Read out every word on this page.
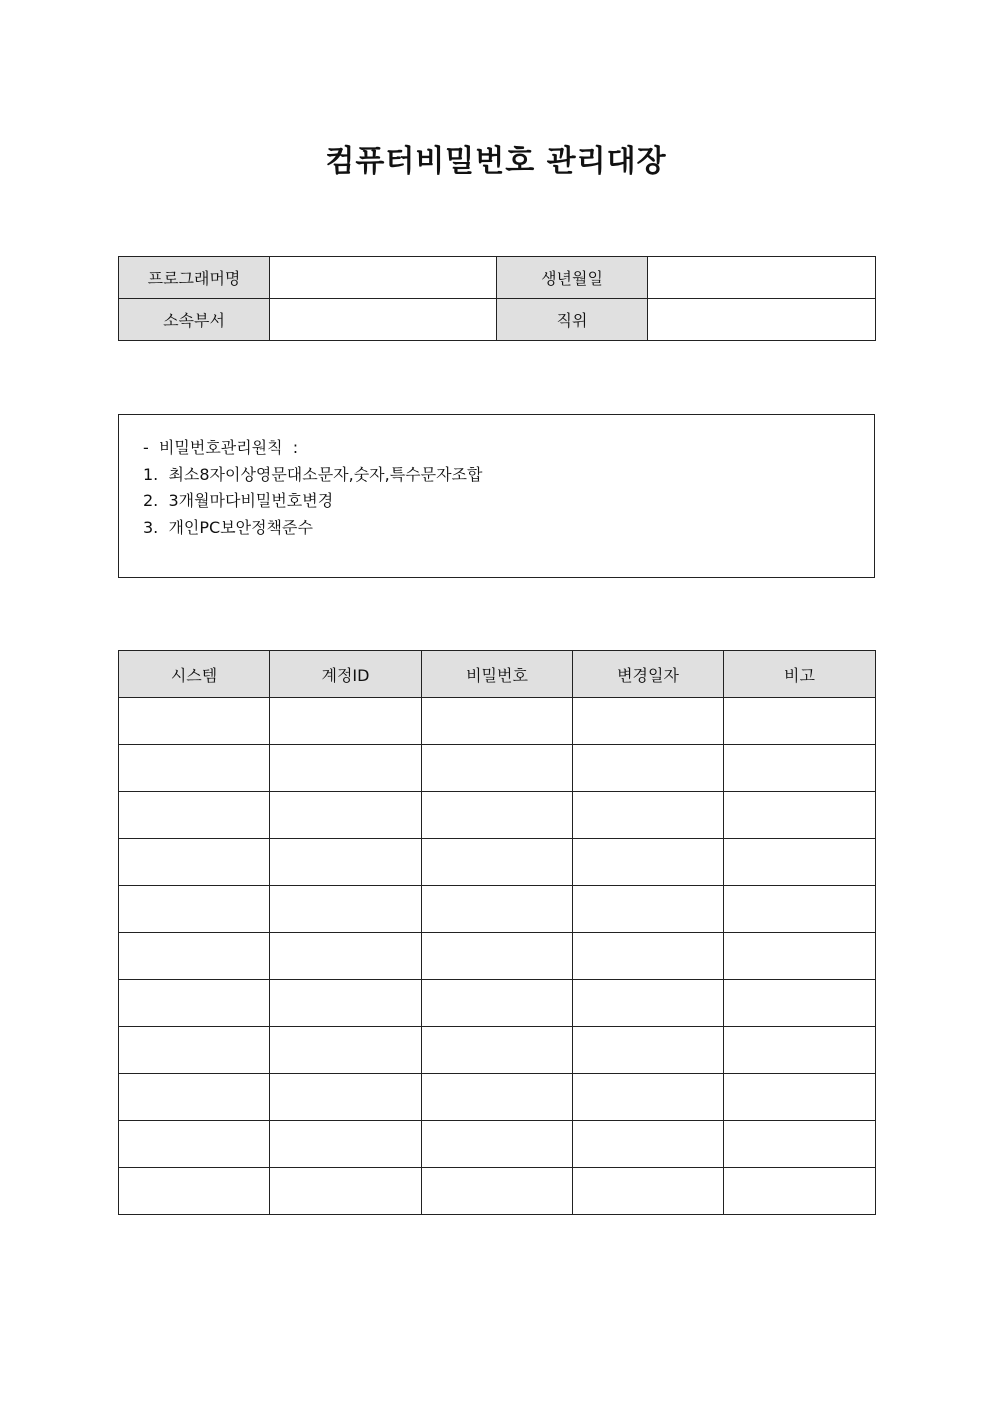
컴퓨터비밀번호 관리대장
프로그래머명		생년월일	
소속부서		직위	
-  비밀번호관리원칙  :
1.  최소8자이상영문대소문자,숫자,특수문자조합
2.  3개월마다비밀번호변경
3.  개인PC보안정책준수
시스템	계정ID	비밀번호	변경일자	비고
